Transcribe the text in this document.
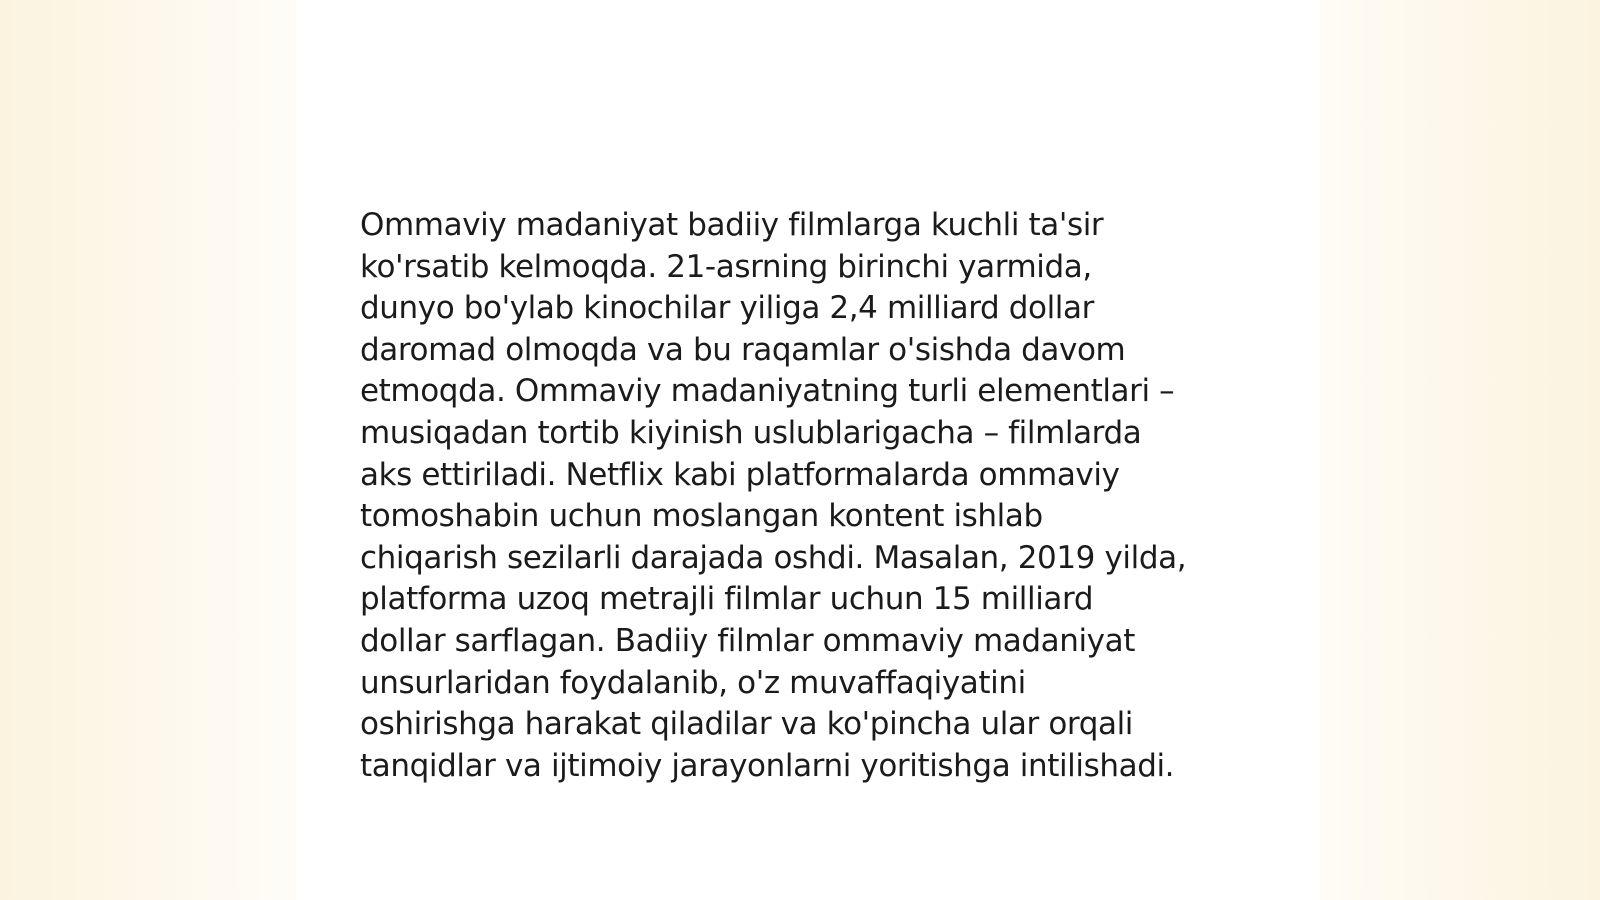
Ommaviy madaniyat badiiy filmlarga kuchli ta'sir
ko'rsatib kelmoqda. 21-asrning birinchi yarmida,
dunyo bo'ylab kinochilar yiliga 2,4 milliard dollar
daromad olmoqda va bu raqamlar o'sishda davom
etmoqda. Ommaviy madaniyatning turli elementlari –
musiqadan tortib kiyinish uslublarigacha – filmlarda
aks ettiriladi. Netflix kabi platformalarda ommaviy
tomoshabin uchun moslangan kontent ishlab
chiqarish sezilarli darajada oshdi. Masalan, 2019 yilda,
platforma uzoq metrajli filmlar uchun 15 milliard
dollar sarflagan. Badiiy filmlar ommaviy madaniyat
unsurlaridan foydalanib, o'z muvaffaqiyatini
oshirishga harakat qiladilar va ko'pincha ular orqali
tanqidlar va ijtimoiy jarayonlarni yoritishga intilishadi.
